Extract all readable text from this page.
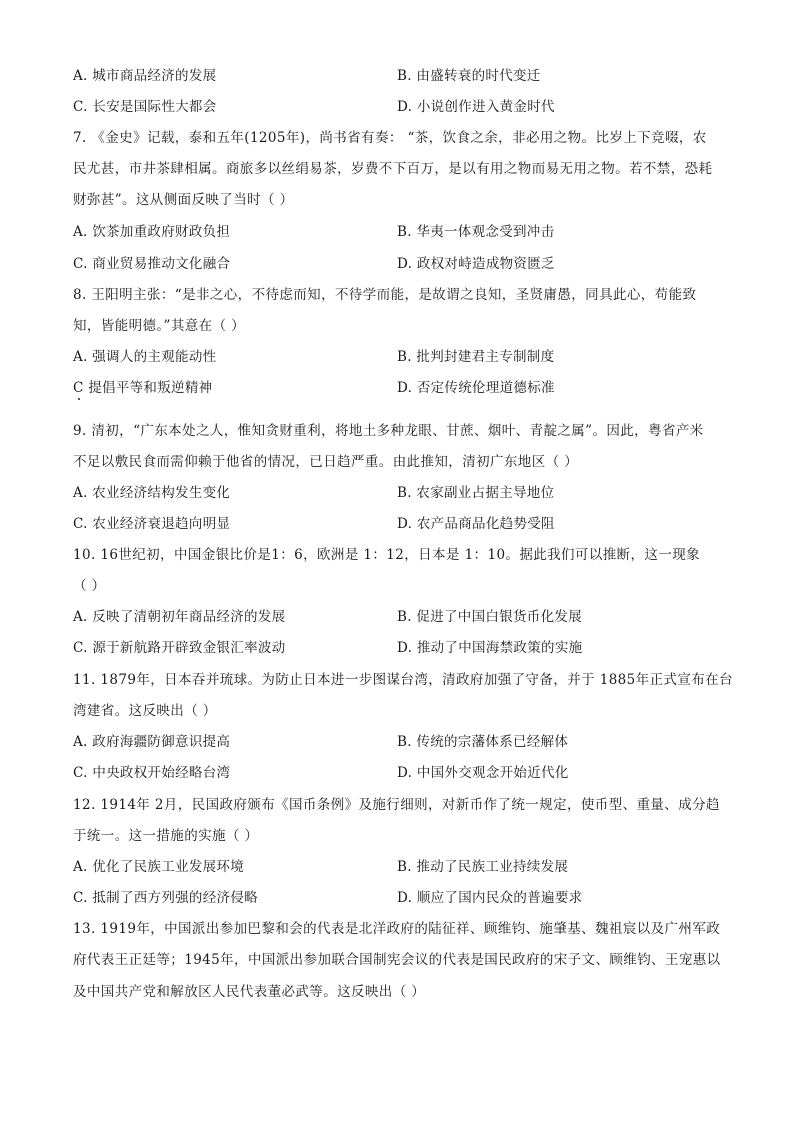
A. 城市商品经济的发展	B. 由盛转衰的时代变迁
C. 长安是国际性大都会	D. 小说创作进入黄金时代
7. 《金史》记载，泰和五年(1205年)，尚书省有奏： “茶，饮食之余，非必用之物。比岁上下竞啜，农
民尤甚，市井茶肆相属。商旅多以丝绢易茶，岁费不下百万，是以有用之物而易无用之物。若不禁，恐耗
财弥甚”。这从侧面反映了当时（ ）
A. 饮茶加重政府财政负担	B. 华夷一体观念受到冲击
C. 商业贸易推动文化融合	D. 政权对峙造成物资匮乏
8. 王阳明主张：“是非之心，不待虑而知，不待学而能，是故谓之良知，圣贤庸愚，同具此心，苟能致
知，皆能明德。”其意在（ ）
A. 强调人的主观能动性	B. 批判封建君主专制制度
C 提倡平等和叛逆精神	D. 否定传统伦理道德标准
9. 清初，“广东本处之人，惟知贪财重利，将地土多种龙眼、甘蔗、烟叶、青靛之属”。因此，粤省产米
不足以敷民食而需仰赖于他省的情况，已日趋严重。由此推知，清初广东地区（ ）
A. 农业经济结构发生变化	B. 农家副业占据主导地位
C. 农业经济衰退趋向明显	D. 农产品商品化趋势受阻
10. 16世纪初，中国金银比价是1：6，欧洲是 1：12，日本是 1：10。据此我们可以推断，这一现象
（ ）
A. 反映了清朝初年商品经济的发展	B. 促进了中国白银货币化发展
C. 源于新航路开辟致金银汇率波动	D. 推动了中国海禁政策的实施
11. 1879年，日本吞并琉球。为防止日本进一步图谋台湾，清政府加强了守备，并于 1885年正式宣布在台
湾建省。这反映出（ ）
A. 政府海疆防御意识提高	B. 传统的宗藩体系已经解体
C. 中央政权开始经略台湾	D. 中国外交观念开始近代化
12. 1914年 2月，民国政府颁布《国币条例》及施行细则，对新币作了统一规定，使币型、重量、成分趋
于统一。这一措施的实施（ ）
A. 优化了民族工业发展环境	B. 推动了民族工业持续发展
C. 抵制了西方列强的经济侵略	D. 顺应了国内民众的普遍要求
13. 1919年，中国派出参加巴黎和会的代表是北洋政府的陆征祥、顾维钧、施肇基、魏祖宸以及广州军政
府代表王正廷等；1945年，中国派出参加联合国制宪会议的代表是国民政府的宋子文、顾维钧、王宠惠以
及中国共产党和解放区人民代表董必武等。这反映出（ ）
